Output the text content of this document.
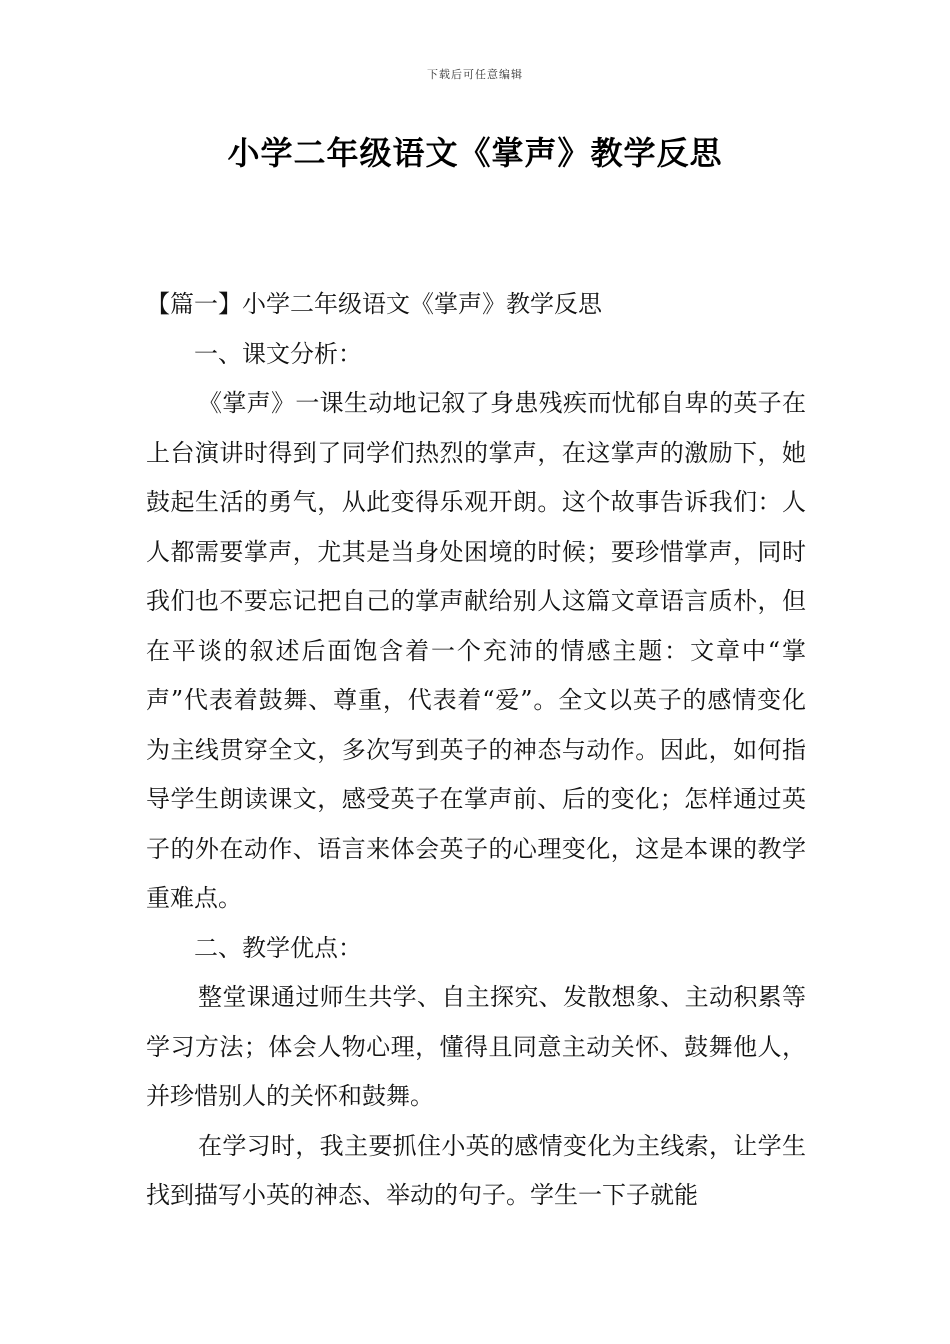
下载后可任意编辑
小学二年级语文《掌声》教学反思

【篇一】小学二年级语文《掌声》教学反思

一、课文分析：

《掌声》一课生动地记叙了身患残疾而忧郁自卑的英子在上台演讲时得到了同学们热烈的掌声，在这掌声的激励下，她鼓起生活的勇气，从此变得乐观开朗。这个故事告诉我们：人人都需要掌声，尤其是当身处困境的时候；要珍惜掌声，同时我们也不要忘记把自己的掌声献给别人这篇文章语言质朴，但在平谈的叙述后面饱含着一个充沛的情感主题：文章中“掌声”代表着鼓舞、尊重，代表着“爱”。全文以英子的感情变化为主线贯穿全文，多次写到英子的神态与动作。因此，如何指导学生朗读课文，感受英子在掌声前、后的变化；怎样通过英子的外在动作、语言来体会英子的心理变化，这是本课的教学重难点。

二、教学优点：

整堂课通过师生共学、自主探究、发散想象、主动积累等学习方法；体会人物心理，懂得且同意主动关怀、鼓舞他人，并珍惜别人的关怀和鼓舞。

在学习时，我主要抓住小英的感情变化为主线索，让学生找到描写小英的神态、举动的句子。学生一下子就能
